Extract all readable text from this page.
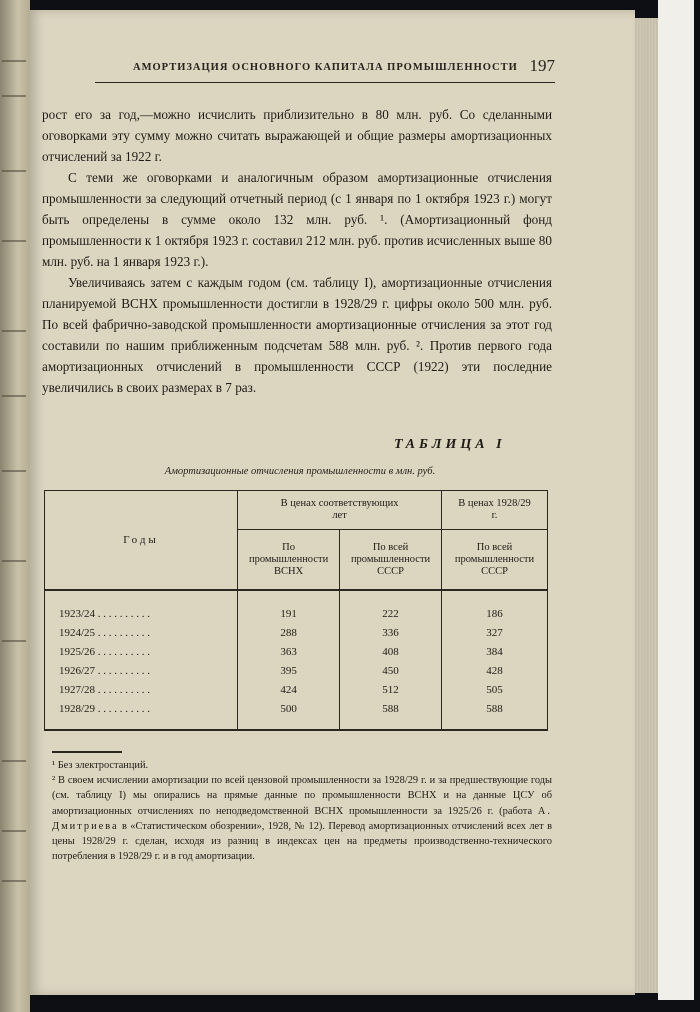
АМОРТИЗАЦИЯ ОСНОВНОГО КАПИТАЛА ПРОМЫШЛЕННОСТИ 197

рост его за год,—можно исчислить приблизительно в 80 млн. руб. Со сделанными оговорками эту сумму можно считать выражающей и общие размеры амортизационных отчислений за 1922 г.

С теми же оговорками и аналогичным образом амортизационные отчисления промышленности за следующий отчетный период (с 1 января по 1 октября 1923 г.) могут быть определены в сумме около 132 млн. руб. ¹. (Амортизационный фонд промышленности к 1 октября 1923 г. составил 212 млн. руб. против исчисленных выше 80 млн. руб. на 1 января 1923 г.).

Увеличиваясь затем с каждым годом (см. таблицу I), амортизационные отчисления планируемой ВСНХ промышленности достигли в 1928/29 г. цифры около 500 млн. руб. По всей фабрично-заводской промышленности амортизационные отчисления за этот год составили по нашим приближенным подсчетам 588 млн. руб. ². Против первого года амортизационных отчислений в промышленности СССР (1922) эти последние увеличились в своих размерах в 7 раз.

ТАБЛИЦА I
Амортизационные отчисления промышленности в млн. руб.
Годы	В ценах соответствующих лет		В ценах 1928/29 г.
	По промышленности ВСНХ	По всей промышленности СССР	По всей промышленности СССР

1923/24 . . . . . . . . . .	191	222	186
1924/25 . . . . . . . . . .	288	336	327
1925/26 . . . . . . . . . .	363	408	384
1926/27 . . . . . . . . . .	395	450	428
1927/28 . . . . . . . . . .	424	512	505
1928/29 . . . . . . . . . .	500	588	588

¹ Без электростанций.

² В своем исчислении амортизации по всей цензовой промышленности за 1928/29 г. и за предшествующие годы (см. таблицу I) мы опирались на прямые данные по промышленности ВСНХ и на данные ЦСУ об амортизационных отчислениях по неподведомственной ВСНХ промышленности за 1925/26 г. (работа А. Дмитриева в «Статистическом обозрении», 1928, № 12). Перевод амортизационных отчислений всех лет в цены 1928/29 г. сделан, исходя из разниц в индексах цен на предметы производственно-технического потребления в 1928/29 г. и в год амортизации.
